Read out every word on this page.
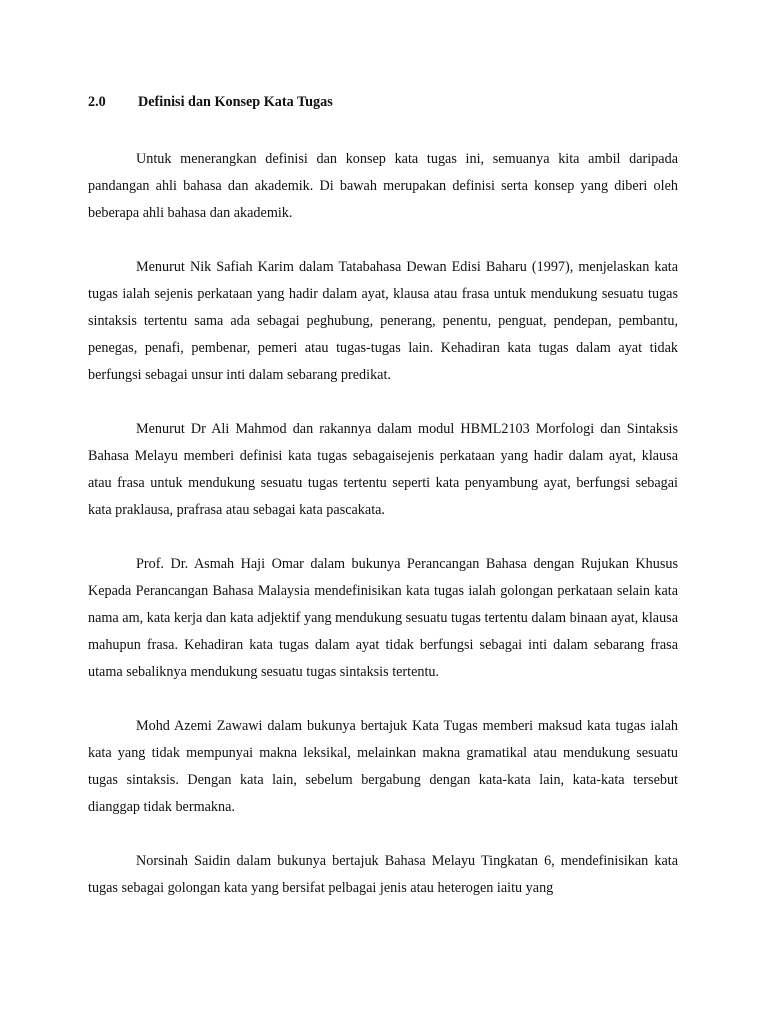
2.0	Definisi dan Konsep Kata Tugas

Untuk menerangkan definisi dan konsep kata tugas ini, semuanya kita ambil daripada pandangan ahli bahasa dan akademik. Di bawah merupakan definisi serta konsep yang diberi oleh beberapa ahli bahasa dan akademik.

Menurut Nik Safiah Karim dalam Tatabahasa Dewan Edisi Baharu (1997), menjelaskan kata tugas ialah sejenis perkataan yang hadir dalam ayat, klausa atau frasa untuk mendukung sesuatu tugas sintaksis tertentu sama ada sebagai peghubung, penerang, penentu, penguat, pendepan, pembantu, penegas, penafi, pembenar, pemeri atau tugas-tugas lain. Kehadiran kata tugas dalam ayat tidak berfungsi sebagai unsur inti dalam sebarang predikat.

Menurut Dr Ali Mahmod dan rakannya dalam modul HBML2103 Morfologi dan Sintaksis Bahasa Melayu memberi definisi kata tugas sebagaisejenis perkataan yang hadir dalam ayat, klausa atau frasa untuk mendukung sesuatu tugas tertentu seperti kata penyambung ayat, berfungsi sebagai kata praklausa, prafrasa atau sebagai kata pascakata.

Prof. Dr. Asmah Haji Omar dalam bukunya Perancangan Bahasa dengan Rujukan Khusus Kepada Perancangan Bahasa Malaysia mendefinisikan kata tugas ialah golongan perkataan selain kata nama am, kata kerja dan kata adjektif yang mendukung sesuatu tugas tertentu dalam binaan ayat, klausa mahupun frasa. Kehadiran kata tugas dalam ayat tidak berfungsi sebagai inti dalam sebarang frasa utama sebaliknya mendukung sesuatu tugas sintaksis tertentu.

Mohd Azemi Zawawi dalam bukunya bertajuk Kata Tugas memberi maksud kata tugas ialah kata yang tidak mempunyai makna leksikal, melainkan makna gramatikal atau mendukung sesuatu tugas sintaksis. Dengan kata lain, sebelum bergabung dengan kata-kata lain, kata-kata tersebut dianggap tidak bermakna.

Norsinah Saidin dalam bukunya bertajuk Bahasa Melayu Tingkatan 6, mendefinisikan kata tugas sebagai golongan kata yang bersifat pelbagai jenis atau heterogen iaitu yang
